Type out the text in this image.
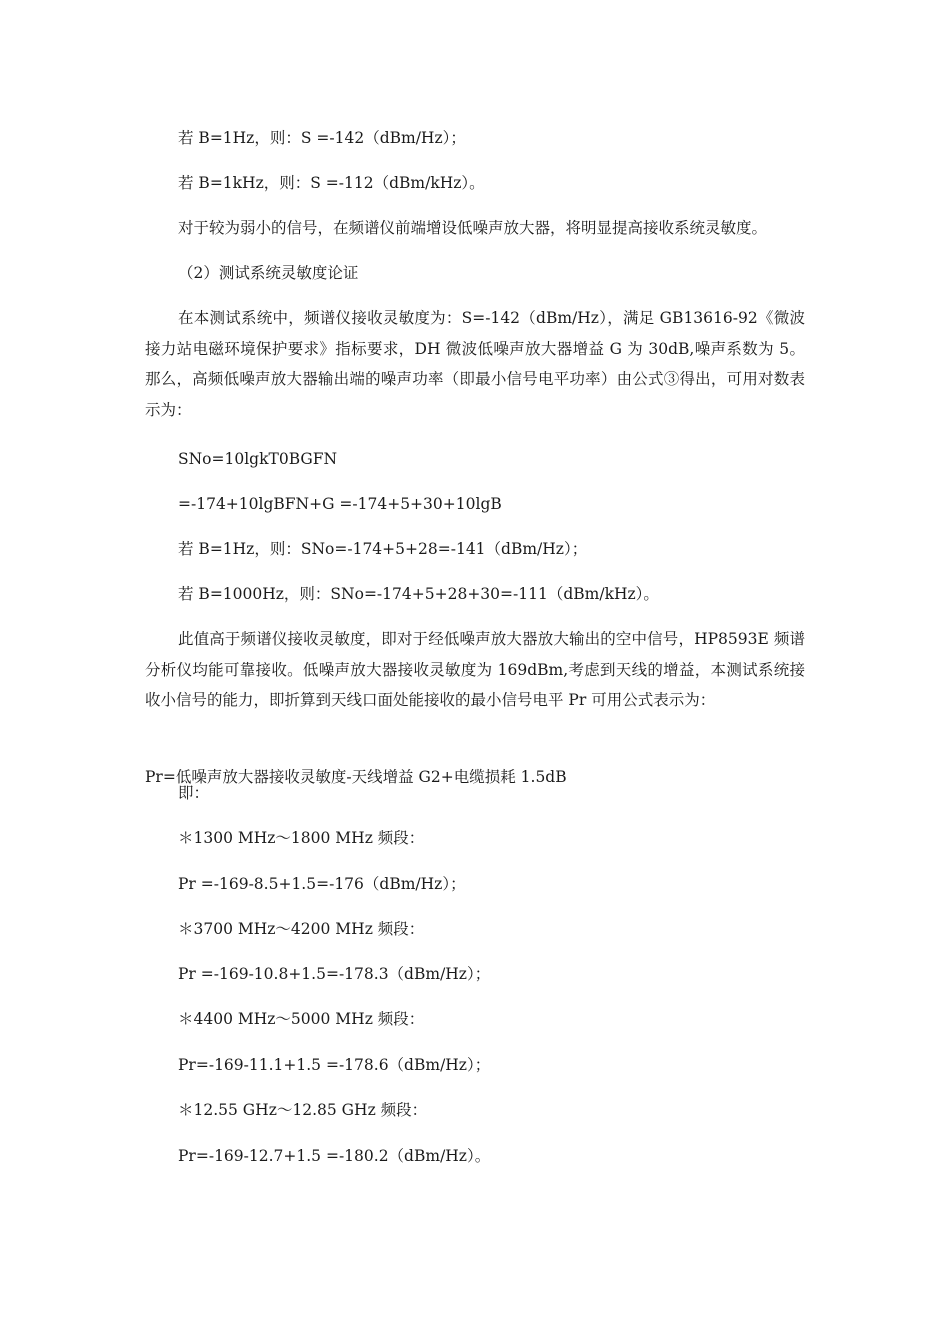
若 B=1Hz，则：S =-142（dBm/Hz）；
若 B=1kHz，则：S =-112（dBm/kHz）。
对于较为弱小的信号，在频谱仪前端增设低噪声放大器，将明显提高接收系统灵敏度。
（2）测试系统灵敏度论证
在本测试系统中，频谱仪接收灵敏度为：S=-142（dBm/Hz），满足 GB13616-92《微波接力站电磁环境保护要求》指标要求，DH 微波低噪声放大器增益 G 为 30dB,噪声系数为 5。那么，高频低噪声放大器输出端的噪声功率（即最小信号电平功率）由公式③得出，可用对数表示为：
SNo=10lgkT0BGFN
=-174+10lgBFN+G =-174+5+30+10lgB
若 B=1Hz，则：SNo=-174+5+28=-141（dBm/Hz）；
若 B=1000Hz，则：SNo=-174+5+28+30=-111（dBm/kHz）。
此值高于频谱仪接收灵敏度，即对于经低噪声放大器放大输出的空中信号，HP8593E 频谱分析仪均能可靠接收。低噪声放大器接收灵敏度为 169dBm,考虑到天线的增益，本测试系统接收小信号的能力，即折算到天线口面处能接收的最小信号电平 Pr 可用公式表示为：
Pr=低噪声放大器接收灵敏度-天线增益 G2+电缆损耗 1.5dB
即：
＊1300 MHz～1800 MHz 频段：
Pr =-169-8.5+1.5=-176（dBm/Hz）；
＊3700 MHz～4200 MHz 频段：
Pr =-169-10.8+1.5=-178.3（dBm/Hz）；
＊4400 MHz～5000 MHz 频段：
Pr=-169-11.1+1.5 =-178.6（dBm/Hz）；
＊12.55 GHz～12.85 GHz 频段：
Pr=-169-12.7+1.5 =-180.2（dBm/Hz）。
